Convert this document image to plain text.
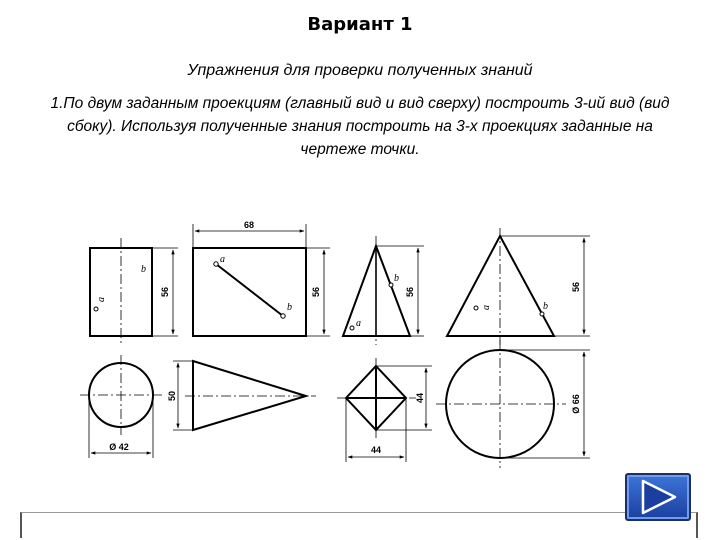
Вариант 1
Упражнения для проверки полученных знаний
1.По двум заданным проекциям (главный вид и вид сверху) построить 3-ий вид (вид сбоку). Используя полученные знания построить на 3-х проекциях заданные на чертеже точки.
56
68
56	56	56
Ø 42
50	44
44
Ø 66
b
a
a
b
b
a
a	b
